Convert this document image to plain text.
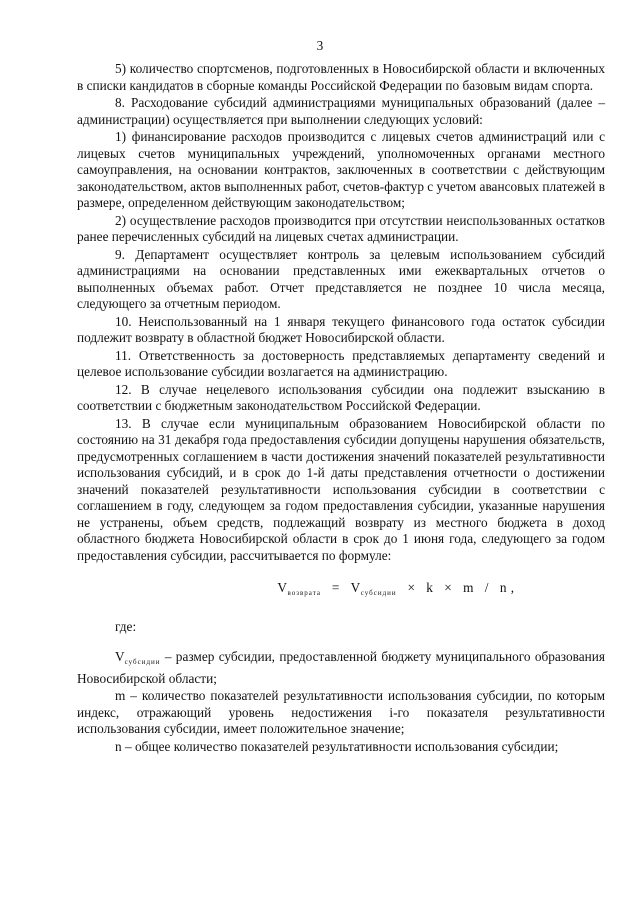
3

5) количество спортсменов, подготовленных в Новосибирской области и включенных в списки кандидатов в сборные команды Российской Федерации по базовым видам спорта.

8. Расходование субсидий администрациями муниципальных образований (далее – администрации) осуществляется при выполнении следующих условий:

1) финансирование расходов производится с лицевых счетов администраций или с лицевых счетов муниципальных учреждений, уполномоченных органами местного самоуправления, на основании контрактов, заключенных в соответствии с действующим законодательством, актов выполненных работ, счетов-фактур с учетом авансовых платежей в размере, определенном действующим законодательством;

2) осуществление расходов производится при отсутствии неиспользованных остатков ранее перечисленных субсидий на лицевых счетах администрации.

9. Департамент осуществляет контроль за целевым использованием субсидий администрациями на основании представленных ими ежеквартальных отчетов о выполненных объемах работ. Отчет представляется не позднее 10 числа месяца, следующего за отчетным периодом.

10. Неиспользованный на 1 января текущего финансового года остаток субсидии подлежит возврату в областной бюджет Новосибирской области.

11. Ответственность за достоверность представляемых департаменту сведений и целевое использование субсидии возлагается на администрацию.

12. В случае нецелевого использования субсидии она подлежит взысканию в соответствии с бюджетным законодательством Российской Федерации.

13. В случае если муниципальным образованием Новосибирской области по состоянию на 31 декабря года предоставления субсидии допущены нарушения обязательств, предусмотренных соглашением в части достижения значений показателей результативности использования субсидий, и в срок до 1-й даты представления отчетности о достижении значений показателей результативности использования субсидии в соответствии с соглашением в году, следующем за годом предоставления субсидии, указанные нарушения не устранены, объем средств, подлежащий возврату из местного бюджета в доход областного бюджета Новосибирской области в срок до 1 июня года, следующего за годом предоставления субсидии, рассчитывается по формуле:

$V_{возврата} = V_{субсидии} \times k \times m / n$ ,

где:

$V_{субсидии}$ – размер субсидии, предоставленной бюджету муниципального образования Новосибирской области;

m – количество показателей результативности использования субсидии, по которым индекс, отражающий уровень недостижения i-го показателя результативности использования субсидии, имеет положительное значение;

n – общее количество показателей результативности использования субсидии;
